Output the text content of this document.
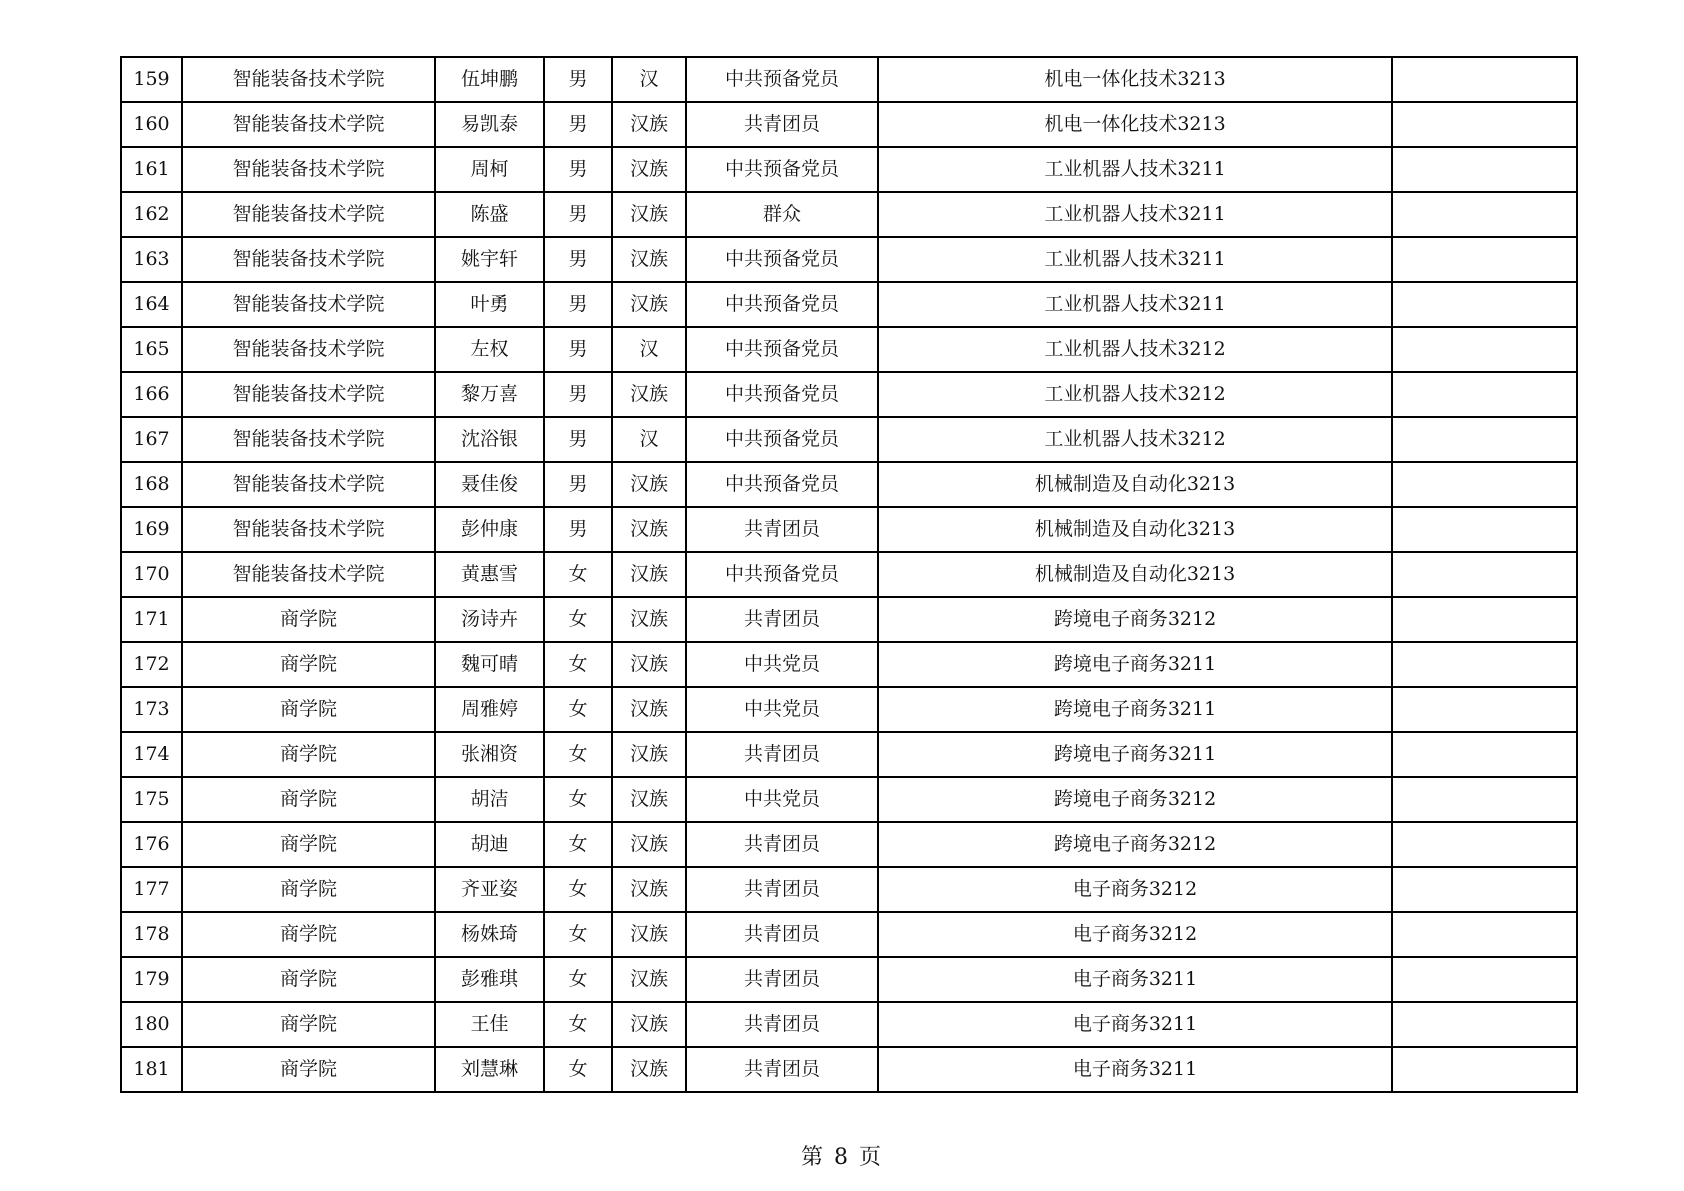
159	智能装备技术学院	伍坤鹏	男	汉	中共预备党员	机电一体化技术3213	
160	智能装备技术学院	易凯泰	男	汉族	共青团员	机电一体化技术3213	
161	智能装备技术学院	周柯	男	汉族	中共预备党员	工业机器人技术3211	
162	智能装备技术学院	陈盛	男	汉族	群众	工业机器人技术3211	
163	智能装备技术学院	姚宇轩	男	汉族	中共预备党员	工业机器人技术3211	
164	智能装备技术学院	叶勇	男	汉族	中共预备党员	工业机器人技术3211	
165	智能装备技术学院	左权	男	汉	中共预备党员	工业机器人技术3212	
166	智能装备技术学院	黎万喜	男	汉族	中共预备党员	工业机器人技术3212	
167	智能装备技术学院	沈浴银	男	汉	中共预备党员	工业机器人技术3212	
168	智能装备技术学院	聂佳俊	男	汉族	中共预备党员	机械制造及自动化3213	
169	智能装备技术学院	彭仲康	男	汉族	共青团员	机械制造及自动化3213	
170	智能装备技术学院	黄惠雪	女	汉族	中共预备党员	机械制造及自动化3213	
171	商学院	汤诗卉	女	汉族	共青团员	跨境电子商务3212	
172	商学院	魏可晴	女	汉族	中共党员	跨境电子商务3211	
173	商学院	周雅婷	女	汉族	中共党员	跨境电子商务3211	
174	商学院	张湘资	女	汉族	共青团员	跨境电子商务3211	
175	商学院	胡洁	女	汉族	中共党员	跨境电子商务3212	
176	商学院	胡迪	女	汉族	共青团员	跨境电子商务3212	
177	商学院	齐亚姿	女	汉族	共青团员	电子商务3212	
178	商学院	杨姝琦	女	汉族	共青团员	电子商务3212	
179	商学院	彭雅琪	女	汉族	共青团员	电子商务3211	
180	商学院	王佳	女	汉族	共青团员	电子商务3211	
181	商学院	刘慧琳	女	汉族	共青团员	电子商务3211	
第 8 页
